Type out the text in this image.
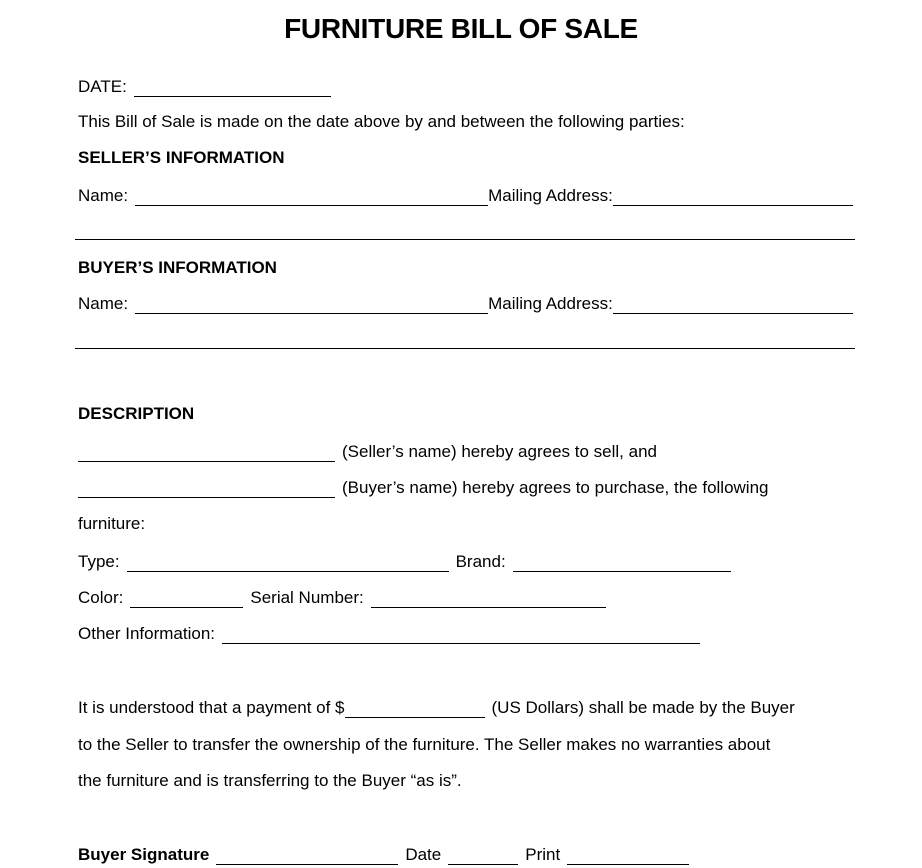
FURNITURE BILL OF SALE
DATE:
This Bill of Sale is made on the date above by and between the following parties:
SELLER’S INFORMATION
Name:	Mailing Address:
BUYER’S INFORMATION
Name:	Mailing Address:
DESCRIPTION
(Seller’s name) hereby agrees to sell, and
(Buyer’s name) hereby agrees to purchase, the following
furniture:
Type:	Brand:
Color:	Serial Number:
Other Information:
It is understood that a payment of $	(US Dollars) shall be made by the Buyer
to the Seller to transfer the ownership of the furniture. The Seller makes no warranties about
the furniture and is transferring to the Buyer “as is”.
Buyer Signature	Date	Print
